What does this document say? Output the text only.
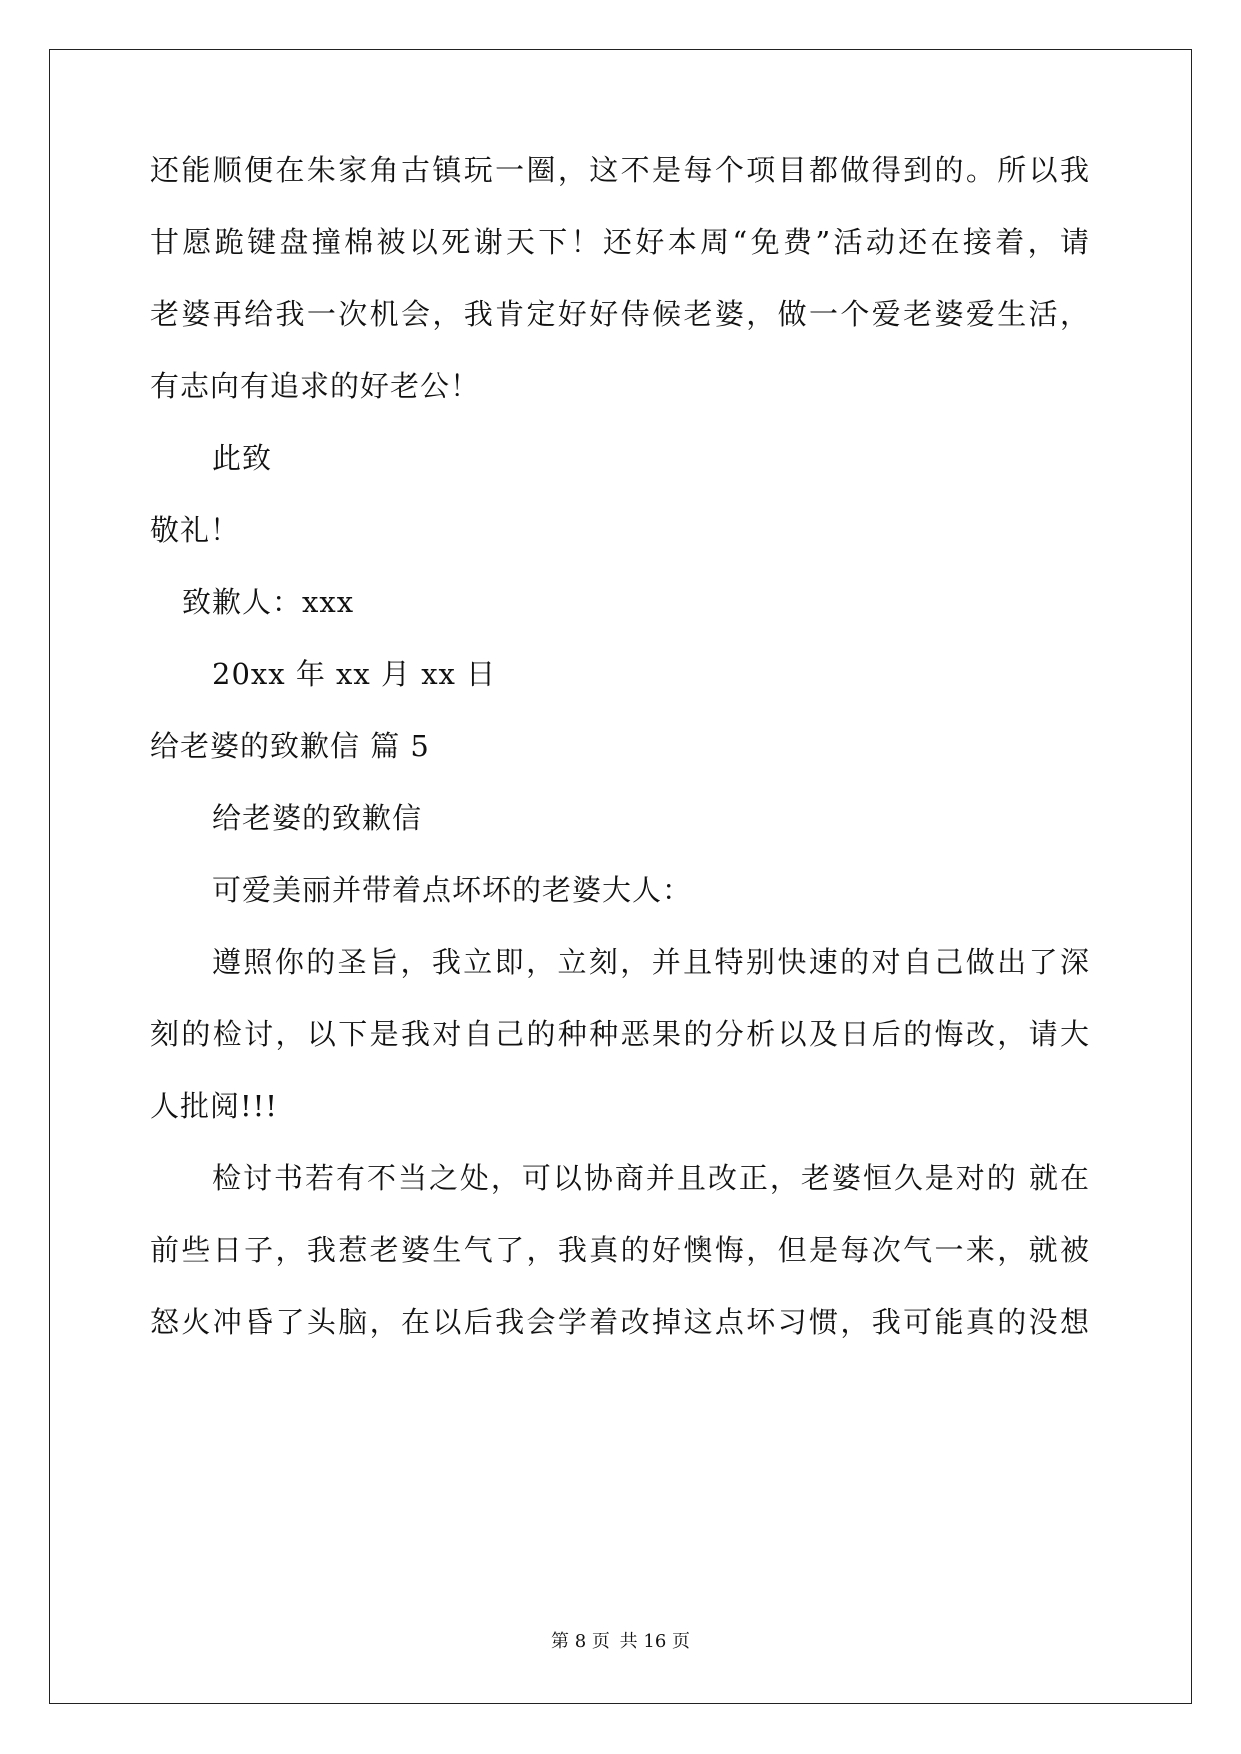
还能顺便在朱家角古镇玩一圈，这不是每个项目都做得到的。所以我
甘愿跪键盘撞棉被以死谢天下！还好本周“免费”活动还在接着，请
老婆再给我一次机会，我肯定好好侍候老婆，做一个爱老婆爱生活，
有志向有追求的好老公！
此致
敬礼！
致歉人：xxx
20xx 年 xx 月 xx 日
给老婆的致歉信 篇 5
给老婆的致歉信
可爱美丽并带着点坏坏的老婆大人：
遵照你的圣旨，我立即，立刻，并且特别快速的对自己做出了深
刻的检讨，以下是我对自己的种种恶果的分析以及日后的悔改，请大
人批阅!!!
检讨书若有不当之处，可以协商并且改正，老婆恒久是对的 就在
前些日子，我惹老婆生气了，我真的好懊悔，但是每次气一来，就被
怒火冲昏了头脑，在以后我会学着改掉这点坏习惯，我可能真的没想
第 8 页 共 16 页
